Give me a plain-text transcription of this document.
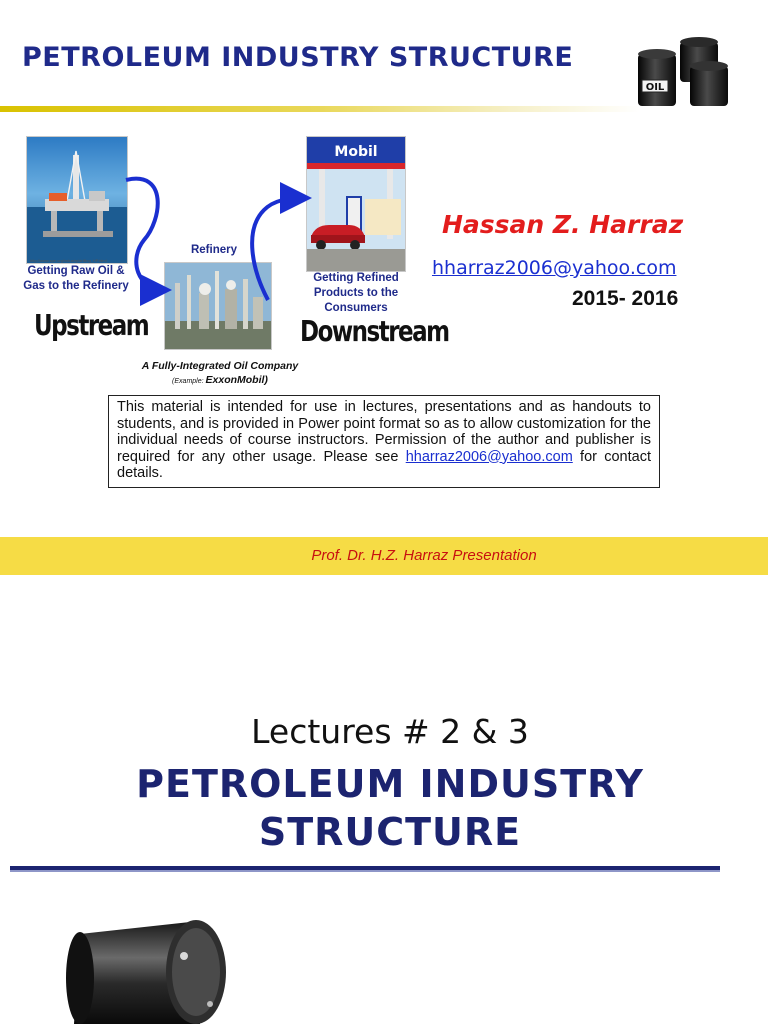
PETROLEUM INDUSTRY STRUCTURE
OIL
http://www.spe.org/industry/drilling_HP.html
Mobil
Getting Raw Oil & Gas to the Refinery
Refinery
Getting Refined Products to the Consumers
Upstream	Downstream
A Fully-Integrated Oil Company
(Example: ExxonMobil)
Hassan Z. Harraz
hharraz2006@yahoo.com
2015- 2016
This material is intended for use in lectures, presentations and as handouts to students, and is provided in Power point format so as to allow customization for the individual needs of course instructors. Permission of the author and publisher is required for any other usage. Please see hharraz2006@yahoo.com for contact details.
Prof. Dr. H.Z. Harraz Presentation
Lectures # 2 & 3
PETROLEUM INDUSTRY
STRUCTURE
